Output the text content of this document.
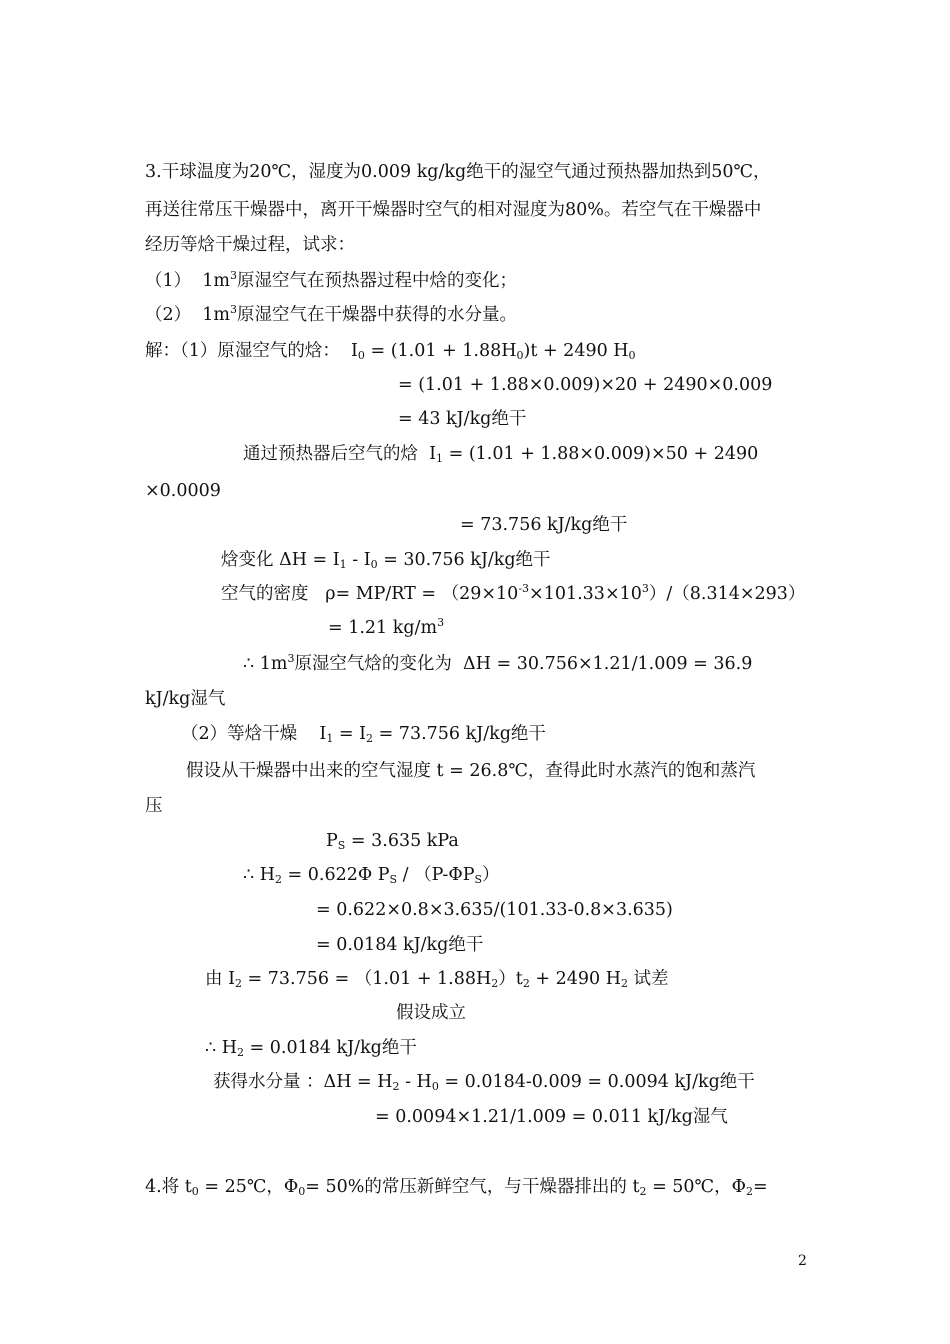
3.干球温度为20℃，湿度为0.009 kg/kg绝干的湿空气通过预热器加热到50℃，
再送往常压干燥器中，离开干燥器时空气的相对湿度为80%。若空气在干燥器中
经历等焓干燥过程，试求：
（1）  $1m^3$原湿空气在预热器过程中焓的变化；
（2）  $1m^3$原湿空气在干燥器中获得的水分量。
解：（1）原湿空气的焓：  $I_0 = (1.01 + 1.88H_0)t + 2490$ $H_0$
= (1.01 + 1.88×0.009)×20 + 2490×0.009
= 43 kJ/kg绝干
通过预热器后空气的焓  $I_1 = (1.01 + 1.88\times 0.009)\times 50 + 2490$
×0.0009
= 73.756 kJ/kg绝干
焓变化 $\Delta H = I_1 - I_0 = 30.756$ kJ/kg绝干
空气的密度   $\rho= MP/RT = (29\times 10^{-3}\times 101.33\times 10^3)/(8.314\times 293)$
= 1.21 $kg/m^3$
∴ $1m^3$原湿空气焓的变化为  ΔH = 30.756×1.21/1.009 = 36.9
kJ/kg湿气
（2）等焓干燥    $I_1 = I_2 = 73.756$ kJ/kg绝干
假设从干燥器中出来的空气湿度 t = 26.8℃，查得此时水蒸汽的饱和蒸汽
压
$P_S = 3.635$ kPa
∴ $H_2 = 0.622\Phi$ $P_S / (P-\Phi P_S)$
= 0.622×0.8×3.635/(101.33-0.8×3.635)
= 0.0184 kJ/kg绝干
由 $I_2 = 73.756 = (1.01 + 1.88H_2)t_2 + 2490$ $H_2$ 试差
假设成立
∴ $H_2 = 0.0184$ kJ/kg绝干
获得水分量 ：$\Delta H = H_2 - H_0 = 0.0184-0.009 = 0.0094$ kJ/kg绝干
= 0.0094×1.21/1.009 = 0.011 kJ/kg湿气
4.将 $t_0$ = 25℃，$\Phi_0= 50\%$的常压新鲜空气，与干燥器排出的 $t_2$ = 50℃，$\Phi_2=$
2
